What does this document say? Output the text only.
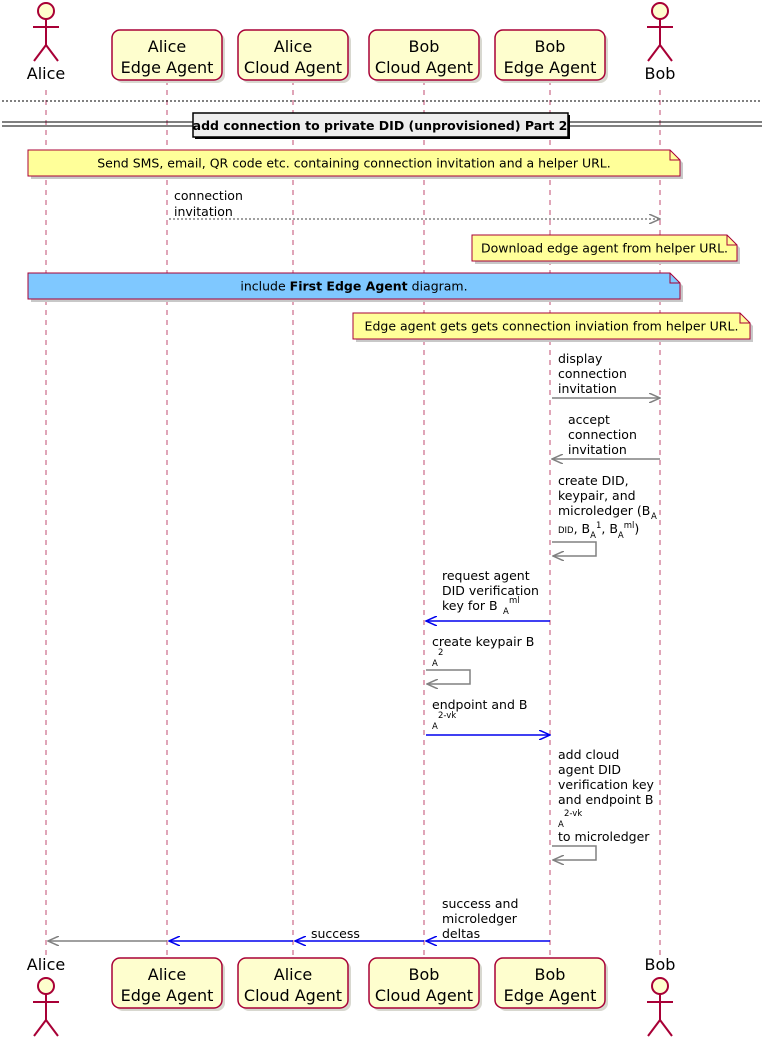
Alice
Alice
Alice
Edge Agent
Alice
Edge Agent
Alice
Cloud Agent
Alice
Cloud Agent
Bob
Cloud Agent
Bob
Cloud Agent
Bob
Edge Agent
Bob
Edge Agent
Bob
Bob
add connection to private DID (unprovisioned) Part 2
Send SMS, email, QR code etc. containing connection invitation and a helper URL.
Download edge agent from helper URL.
include First Edge Agent diagram.
Edge agent gets gets connection inviation from helper URL.
connection
invitation
display
connection
invitation
accept
connection
invitation
create DID,
keypair, and
microledger (B A
DID, $B_A^1$, $B_A^{ml}$)
request agent
DID verification
key for B A
ml
create keypair B
A
2
endpoint and B
A
2-vk
add cloud
agent DID
verification key
and endpoint B
A
2-vk
to microledger
success and
microledger
deltas
success
